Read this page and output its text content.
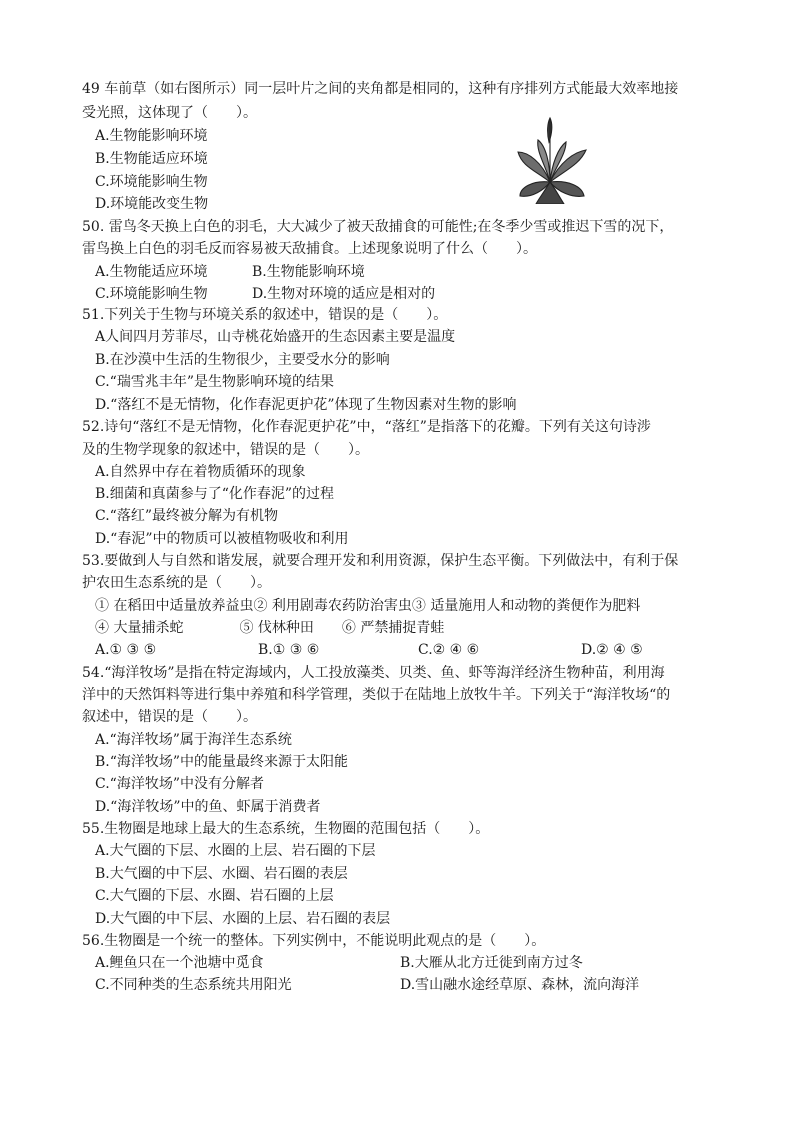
49 车前草（如右图所示）同一层叶片之间的夹角都是相同的，这种有序排列方式能最大效率地接
受光照，这体现了（　　）。
A.生物能影响环境
B.生物能适应环境
C.环境能影响生物
D.环境能改变生物
50. 雷鸟冬天换上白色的羽毛，大大减少了被天敌捕食的可能性;在冬季少雪或推迟下雪的况下，
雷鸟换上白色的羽毛反而容易被天敌捕食。上述现象说明了什么（　　）。
A.生物能适应环境	B.生物能影响环境
C.环境能影响生物	D.生物对环境的适应是相对的
51.下列关于生物与环境关系的叙述中，错误的是（　　）。
A人间四月芳菲尽，山寺桃花始盛开的生态因素主要是温度
B.在沙漠中生活的生物很少，主要受水分的影响
C.“瑞雪兆丰年”是生物影响环境的结果
D.“落红不是无情物，化作春泥更护花”体现了生物因素对生物的影响
52.诗句“落红不是无情物，化作春泥更护花”中，“落红”是指落下的花瓣。下列有关这句诗涉
及的生物学现象的叙述中，错误的是（　　）。
A.自然界中存在着物质循环的现象
B.细菌和真菌参与了“化作春泥”的过程
C.“落红”最终被分解为有机物
D.“春泥”中的物质可以被植物吸收和利用
53.要做到人与自然和谐发展，就要合理开发和利用资源，保护生态平衡。下列做法中，有利于保
护农田生态系统的是（　　）。
① 在稻田中适量放养益虫② 利用剧毒农药防治害虫③ 适量施用人和动物的粪便作为肥料
④ 大量捕杀蛇　　　　⑤ 伐林种田　　⑥ 严禁捕捉青蛙
A.① ③ ⑤	B.① ③ ⑥	C.② ④ ⑥	D.② ④ ⑤
54.“海洋牧场”是指在特定海域内，人工投放藻类、贝类、鱼、虾等海洋经济生物种苗，利用海
洋中的天然饵料等进行集中养殖和科学管理，类似于在陆地上放牧牛羊。下列关于“海洋牧场“的
叙述中，错误的是（　　）。
A.“海洋牧场”属于海洋生态系统
B.“海洋牧场”中的能量最终来源于太阳能
C.“海洋牧场”中没有分解者
D.“海洋牧场”中的鱼、虾属于消费者
55.生物圈是地球上最大的生态系统，生物圈的范围包括（　　）。
A.大气圈的下层、水圈的上层、岩石圈的下层
B.大气圈的中下层、水圈、岩石圈的表层
C.大气圈的下层、水圈、岩石圈的上层
D.大气圈的中下层、水圈的上层、岩石圈的表层
56.生物圈是一个统一的整体。下列实例中，不能说明此观点的是（　　）。
A.鲤鱼只在一个池塘中觅食	B.大雁从北方迁徙到南方过冬
C.不同种类的生态系统共用阳光	D.雪山融水途经草原、森林，流向海洋
